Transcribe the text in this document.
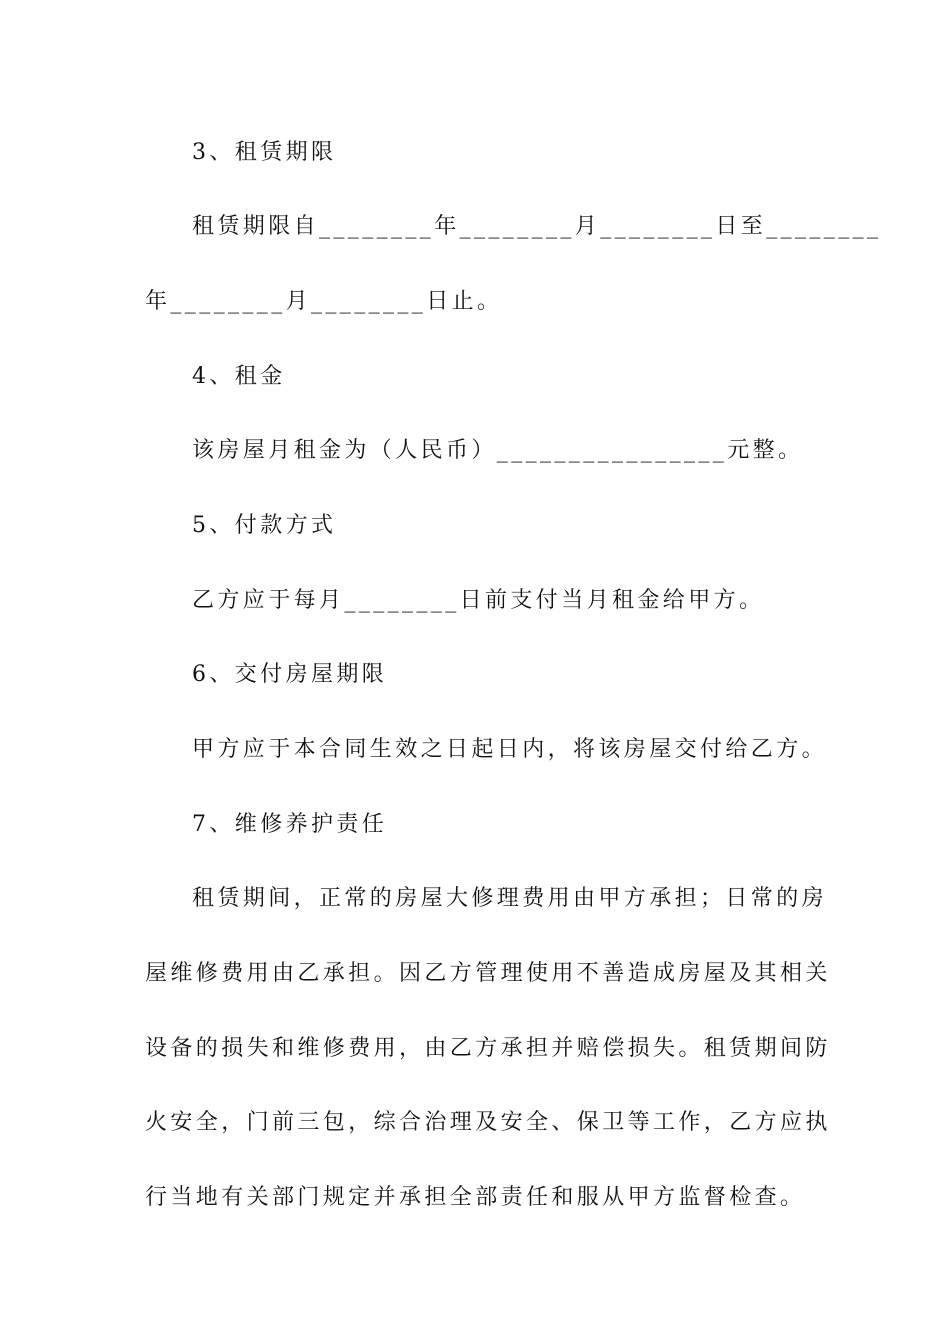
3、租赁期限
租赁期限自________年________月________日至________
年________月________日止。
4、租金
该房屋月租金为（人民币）________________元整。
5、付款方式
乙方应于每月________日前支付当月租金给甲方。
6、交付房屋期限
甲方应于本合同生效之日起日内，将该房屋交付给乙方。
7、维修养护责任
租赁期间，正常的房屋大修理费用由甲方承担；日常的房
屋维修费用由乙承担。因乙方管理使用不善造成房屋及其相关
设备的损失和维修费用，由乙方承担并赔偿损失。租赁期间防
火安全，门前三包，综合治理及安全、保卫等工作，乙方应执
行当地有关部门规定并承担全部责任和服从甲方监督检查。
